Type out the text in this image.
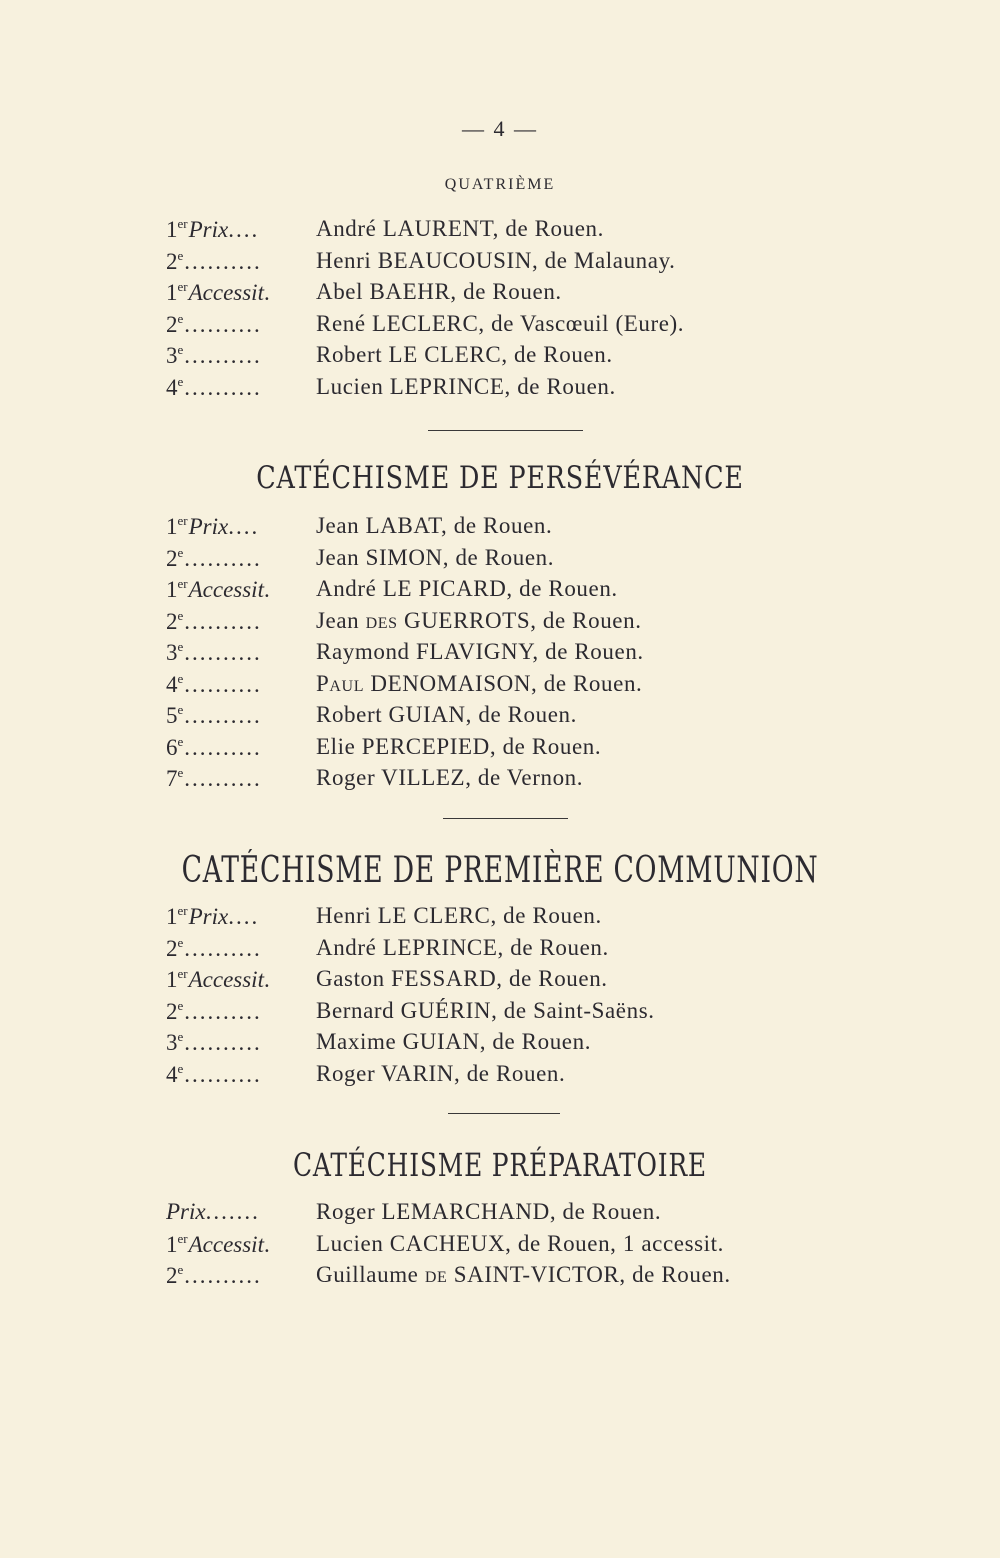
— 4 —
QUATRIÈME
1erPrix....	André LAURENT, de Rouen.
2e..........	Henri BEAUCOUSIN, de Malaunay.
1erAccessit.	Abel BAEHR, de Rouen.
2e..........	René LECLERC, de Vascœuil (Eure).
3e..........	Robert LE CLERC, de Rouen.
4e..........	Lucien LEPRINCE, de Rouen.
CATÉCHISME DE PERSÉVÉRANCE
1erPrix....	Jean LABAT, de Rouen.
2e..........	Jean SIMON, de Rouen.
1erAccessit.	André LE PICARD, de Rouen.
2e..........	Jean des GUERROTS, de Rouen.
3e..........	Raymond FLAVIGNY, de Rouen.
4e..........	Paul DENOMAISON, de Rouen.
5e..........	Robert GUIAN, de Rouen.
6e..........	Elie PERCEPIED, de Rouen.
7e..........	Roger VILLEZ, de Vernon.
CATÉCHISME DE PREMIÈRE COMMUNION
1erPrix....	Henri LE CLERC, de Rouen.
2e..........	André LEPRINCE, de Rouen.
1erAccessit.	Gaston FESSARD, de Rouen.
2e..........	Bernard GUÉRIN, de Saint-Saëns.
3e..........	Maxime GUIAN, de Rouen.
4e..........	Roger VARIN, de Rouen.
CATÉCHISME PRÉPARATOIRE
Prix.......	Roger LEMARCHAND, de Rouen.
1erAccessit.	Lucien CACHEUX, de Rouen, 1 accessit.
2e..........	Guillaume de SAINT-VICTOR, de Rouen.
